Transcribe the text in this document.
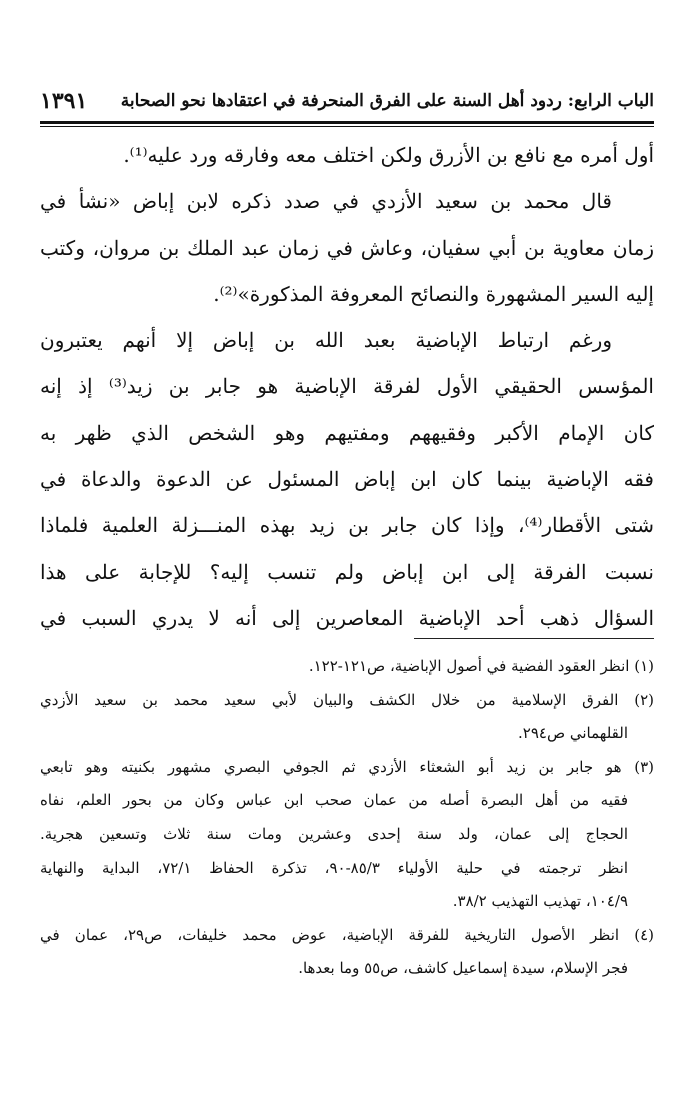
الباب الرابع: ردود أهل السنة على الفرق المنحرفة في اعتقادها نحو الصحابة
١٣٩١
أول أمره مع نافع بن الأزرق ولكن اختلف معه وفارقه ورد عليه⁽¹⁾.
قال محمد بن سعيد الأزدي في صدد ذكره لابن إباض «نشأ في
زمان معاوية بن أبي سفيان، وعاش في زمان عبد الملك بن مروان، وكتب
إليه السير المشهورة والنصائح المعروفة المذكورة»⁽²⁾.
ورغم ارتباط الإباضية بعبد الله بن إباض إلا أنهم يعتبرون
المؤسس الحقيقي الأول لفرقة الإباضية هو جابر بن زيد⁽³⁾ إذ إنه
كان الإمام الأكبر وفقيههم ومفتيهم وهو الشخص الذي ظهر به
فقه الإباضية بينما كان ابن إباض المسئول عن الدعوة والدعاة في
شتى الأقطار⁽⁴⁾، وإذا كان جابر بن زيد بهذه المنـــزلة العلمية فلماذا
نسبت الفرقة إلى ابن إباض ولم تنسب إليه؟ للإجابة على هذا
السؤال ذهب أحد الإباضية المعاصرين إلى أنه لا يدري السبب في
(١) انظر العقود الفضية في أصول الإباضية، ص١٢١-١٢٢.
(٢) الفرق الإسلامية من خلال الكشف والبيان لأبي سعيد محمد بن سعيد الأزدي
القلهماني ص٢٩٤.
(٣) هو جابر بن زيد أبو الشعثاء الأزدي ثم الجوفي البصري مشهور بكنيته وهو تابعي
فقيه من أهل البصرة أصله من عمان صحب ابن عباس وكان من بحور العلم، نفاه
الحجاج إلى عمان، ولد سنة إحدى وعشرين ومات سنة ثلاث وتسعين هجرية.
انظر ترجمته في حلية الأولياء ٨٥/٣-٩٠، تذكرة الحفاظ ٧٢/١، البداية والنهاية
١٠٤/٩، تهذيب التهذيب ٣٨/٢.
(٤) انظر الأصول التاريخية للفرقة الإباضية، عوض محمد خليفات، ص٢٩، عمان في
فجر الإسلام، سيدة إسماعيل كاشف، ص٥٥ وما بعدها.
